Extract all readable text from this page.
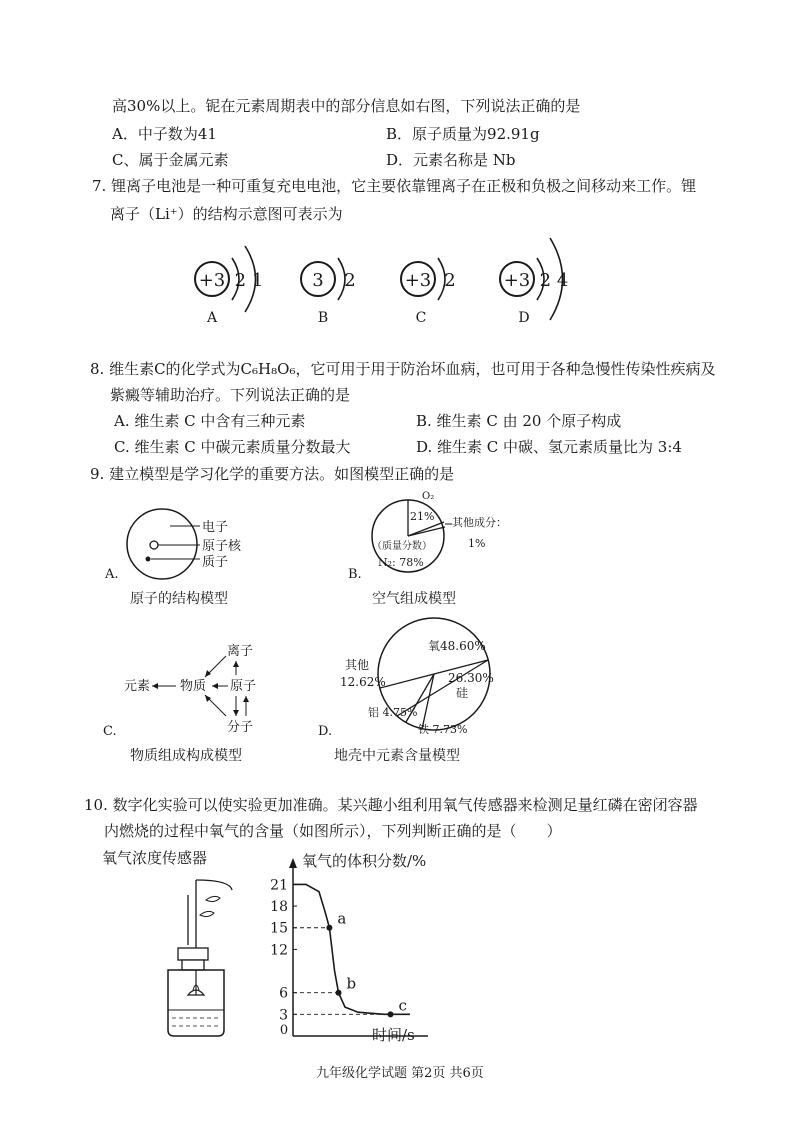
高30%以上。铌在元素周期表中的部分信息如右图，下列说法正确的是
A．中子数为41	B．原子质量为92.91g
C、属于金属元素	D．元素名称是 Nb
7. 锂离子电池是一种可重复充电电池，它主要依靠锂离子在正极和负极之间移动来工作。锂
离子（Li⁺）的结构示意图可表示为
+3 2 1
A
3 2
B
+3 2
C
+3 2 4
D
8. 维生素C的化学式为C₆H₈O₆，它可用于用于防治坏血病，也可用于各种急慢性传染性疾病及
紫癜等辅助治疗。下列说法正确的是
A. 维生素 C 中含有三种元素	B. 维生素 C 由 20 个原子构成
C. 维生素 C 中碳元素质量分数最大	D. 维生素 C 中碳、氢元素质量比为 3:4
9. 建立模型是学习化学的重要方法。如图模型正确的是
电子
原子核
质子
A.
原子的结构模型
O₂
21% 其他成分：
1%
（质量分数）
N₂: 78%
B.
空气组成模型
元素 物质
离子
原子
分子
C.
物质组成构成模型
氧48.60%
26.30%
硅
其他
12.62%
铝 4.75%
铁 7.73%
D.
地壳中元素含量模型
10. 数字化实验可以使实验更加准确。某兴趣小组利用氧气传感器来检测足量红磷在密闭容器
内燃烧的过程中氧气的含量（如图所示），下列判断正确的是（　　）
氧气浓度传感器	氧气的体积分数/%
时间/s
0
3
6
12
15
18
21
a
b
c
九年级化学试题 第2页 共6页
